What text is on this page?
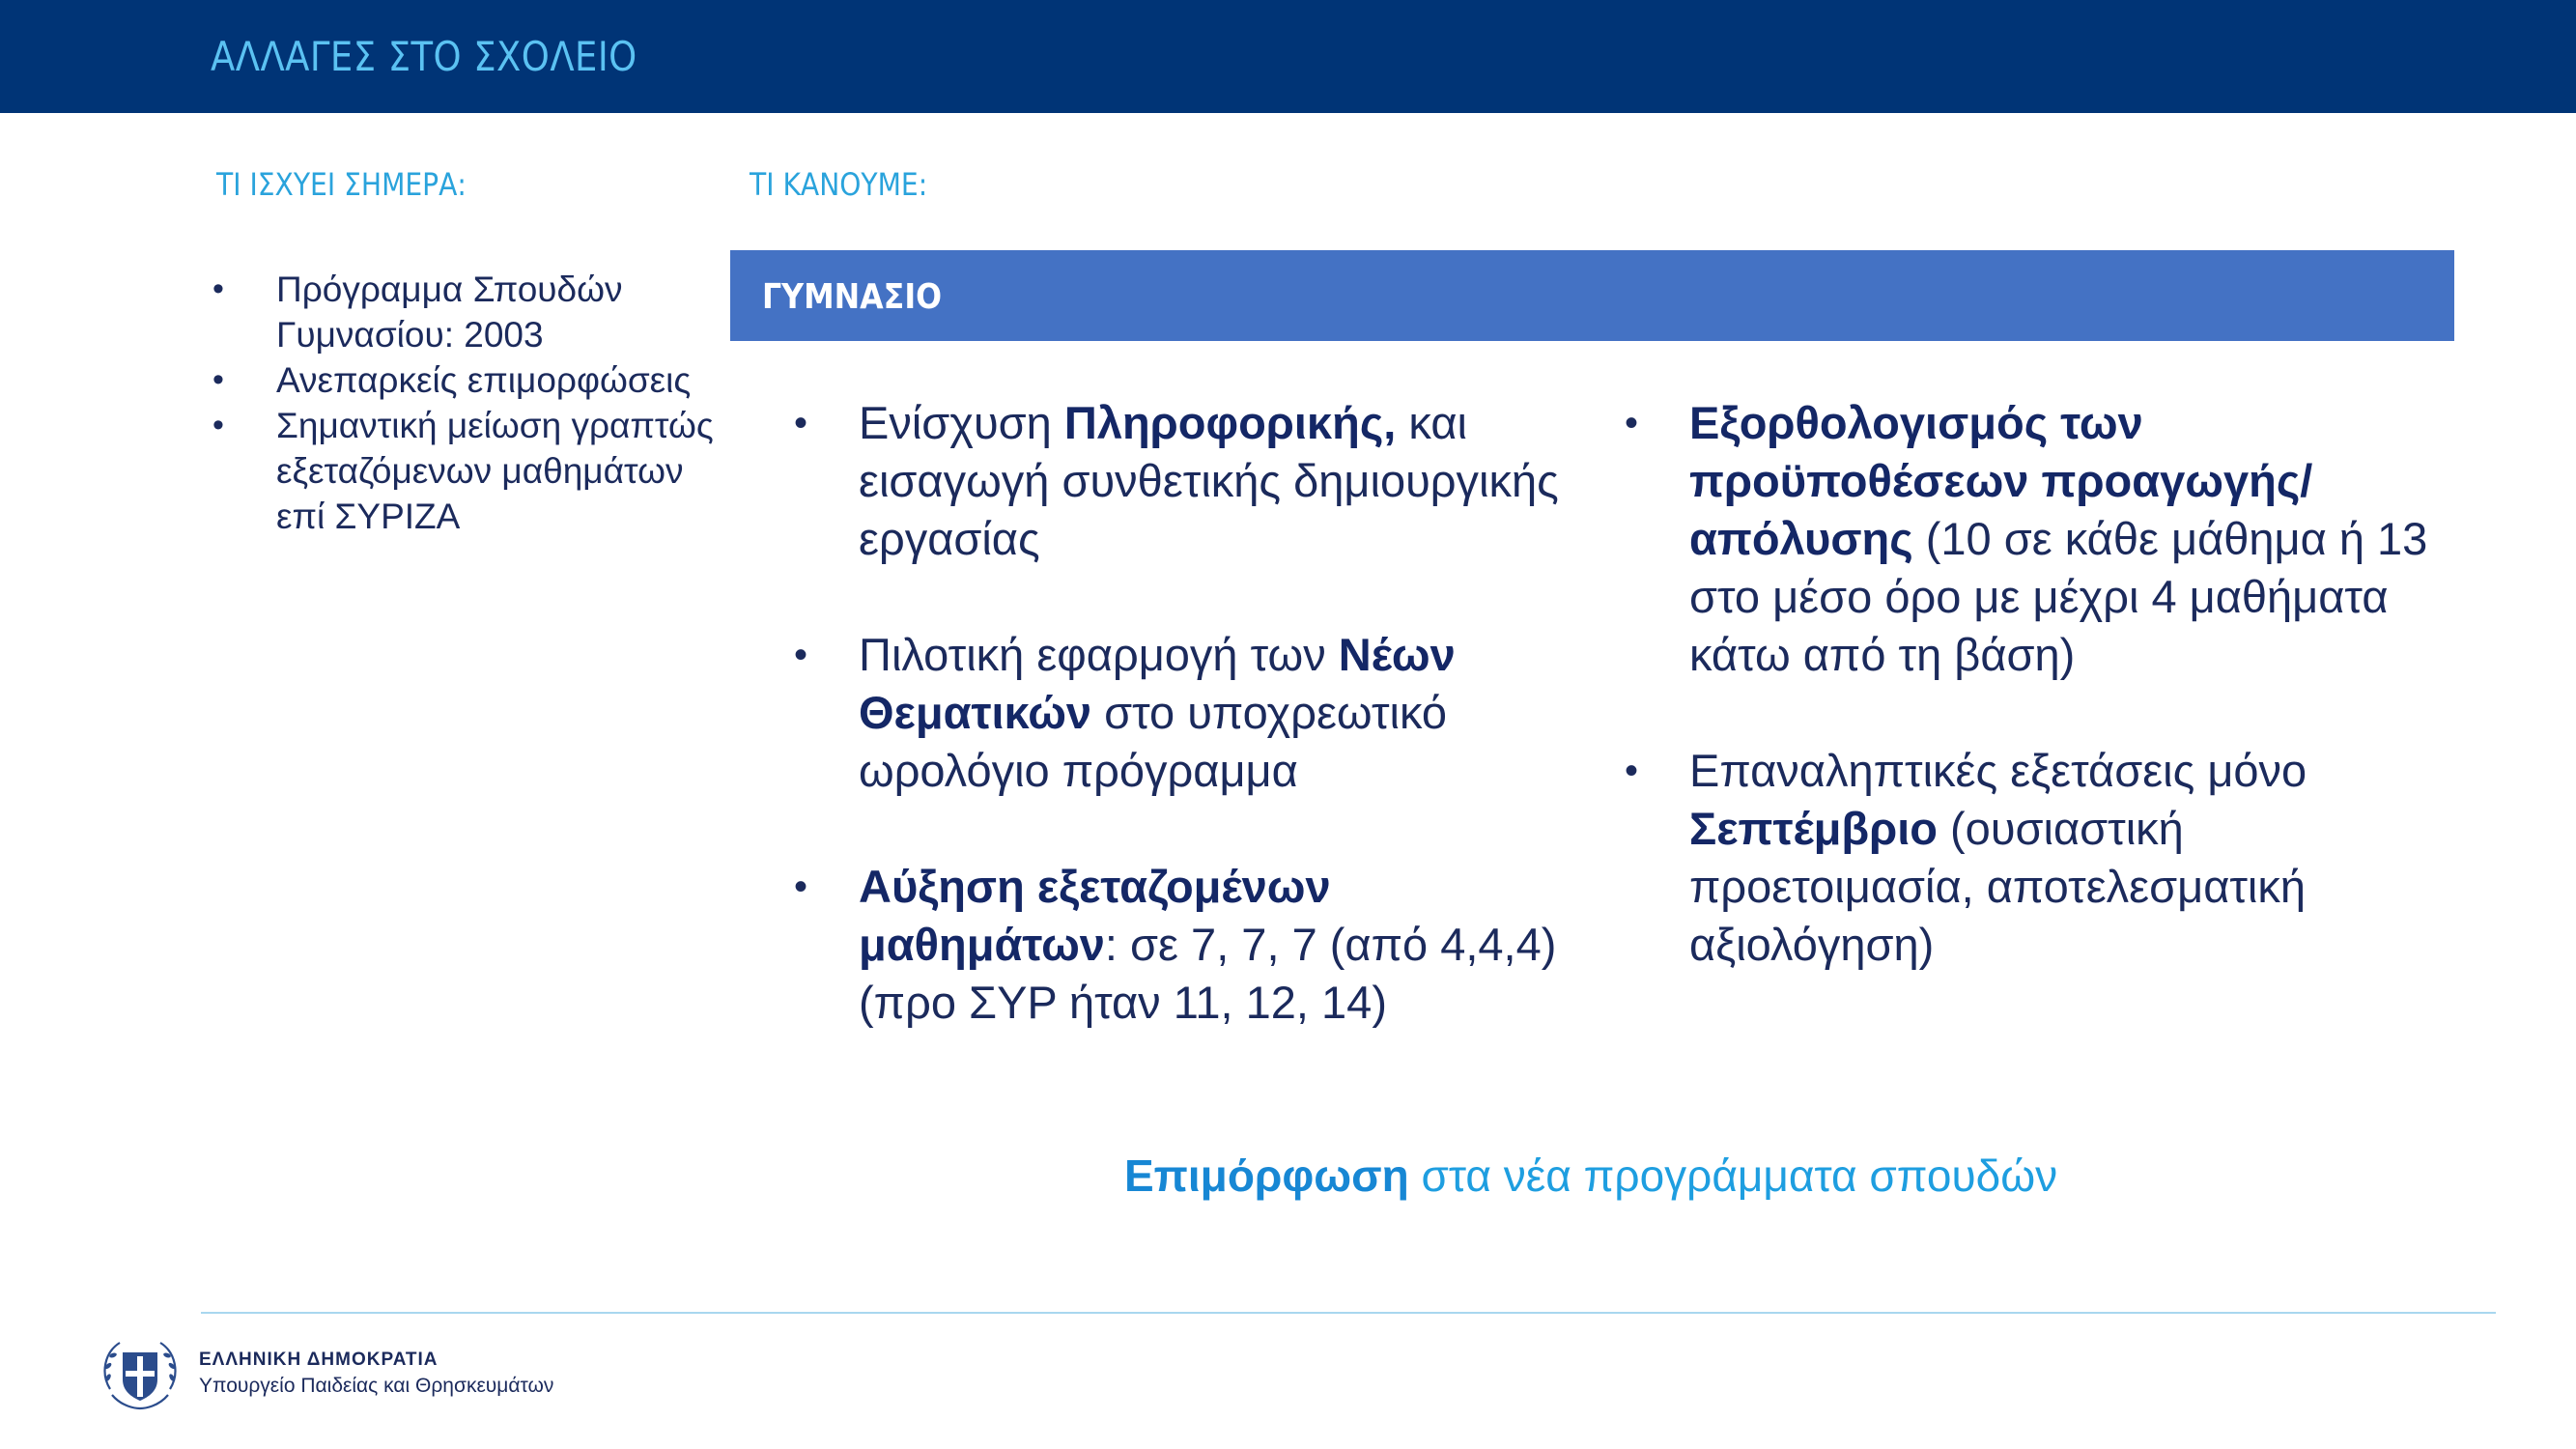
ΑΛΛΑΓΕΣ ΣΤΟ ΣΧΟΛΕΙΟ
ΤΙ ΙΣΧΥΕΙ ΣΗΜΕΡΑ:	ΤΙ ΚΑΝΟΥΜΕ:
• Πρόγραμμα Σπουδών Γυμνασίου: 2003
• Ανεπαρκείς επιμορφώσεις
• Σημαντική μείωση γραπτώς εξεταζόμενων μαθημάτων επί ΣΥΡΙΖΑ
ΓΥΜΝΑΣΙΟ
• Ενίσχυση Πληροφορικής, και εισαγωγή συνθετικής δημιουργικής εργασίας
• Πιλοτική εφαρμογή των Νέων Θεματικών στο υποχρεωτικό ωρολόγιο πρόγραμμα
• Αύξηση εξεταζομένων μαθημάτων: σε 7, 7, 7 (από 4,4,4) (προ ΣΥΡ ήταν 11, 12, 14)
• Εξορθολογισμός των προϋποθέσεων προαγωγής/απόλυσης (10 σε κάθε μάθημα ή 13 στο μέσο όρο με μέχρι 4 μαθήματα κάτω από τη βάση)
• Επαναληπτικές εξετάσεις μόνο Σεπτέμβριο (ουσιαστική προετοιμασία, αποτελεσματική αξιολόγηση)
Επιμόρφωση στα νέα προγράμματα σπουδών
ΕΛΛΗΝΙΚΗ ΔΗΜΟΚΡΑΤΙΑ
Υπουργείο Παιδείας και Θρησκευμάτων
